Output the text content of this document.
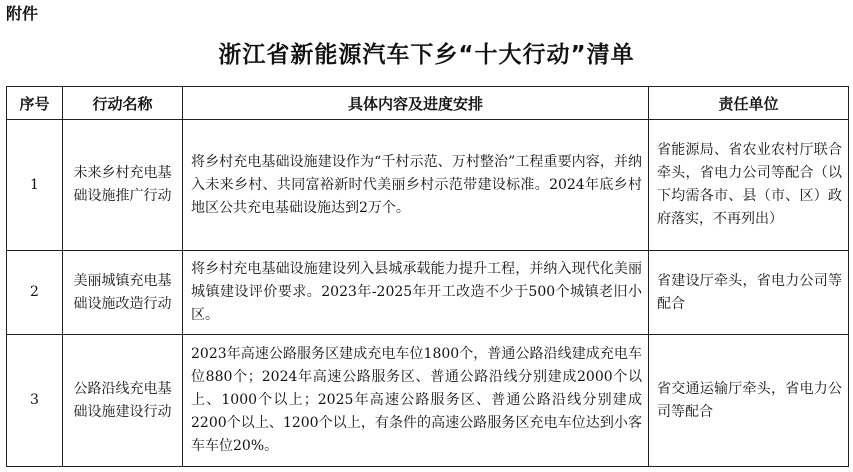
附件
浙江省新能源汽车下乡“十大行动”清单
序号	行动名称	具体内容及进度安排	责任单位
1	未来乡村充电基础设施推广行动	将乡村充电基础设施建设作为“千村示范、万村整治”工程重要内容，并纳入未来乡村、共同富裕新时代美丽乡村示范带建设标准。2024年底乡村地区公共充电基础设施达到2万个。	省能源局、省农业农村厅联合牵头，省电力公司等配合（以下均需各市、县（市、区）政府落实，不再列出）
2	美丽城镇充电基础设施改造行动	将乡村充电基础设施建设列入县城承载能力提升工程，并纳入现代化美丽城镇建设评价要求。2023年-2025年开工改造不少于500个城镇老旧小区。	省建设厅牵头，省电力公司等配合
3	公路沿线充电基础设施建设行动	2023年高速公路服务区建成充电车位1800个，普通公路沿线建成充电车位880个；2024年高速公路服务区、普通公路沿线分别建成2000个以上、1000个以上；2025年高速公路服务区、普通公路沿线分别建成2200个以上、1200个以上，有条件的高速公路服务区充电车位达到小客车车位20%。	省交通运输厅牵头，省电力公司等配合
